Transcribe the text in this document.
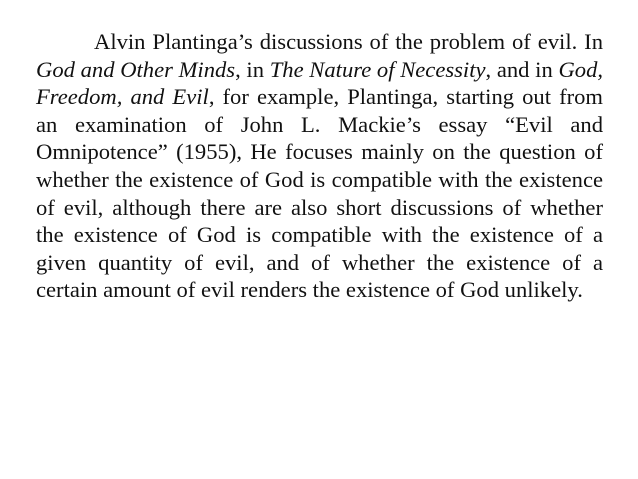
Alvin Plantinga’s discussions of the problem of evil. In God and Other Minds, in The Nature of Necessity, and in God, Freedom, and Evil, for example, Plantinga, starting out from an examination of John L. Mackie’s essay “Evil and Omnipotence” (1955), He focuses mainly on the question of whether the existence of God is compatible with the existence of evil, although there are also short discussions of whether the existence of God is compatible with the existence of a given quantity of evil, and of whether the existence of a certain amount of evil renders the existence of God unlikely.
